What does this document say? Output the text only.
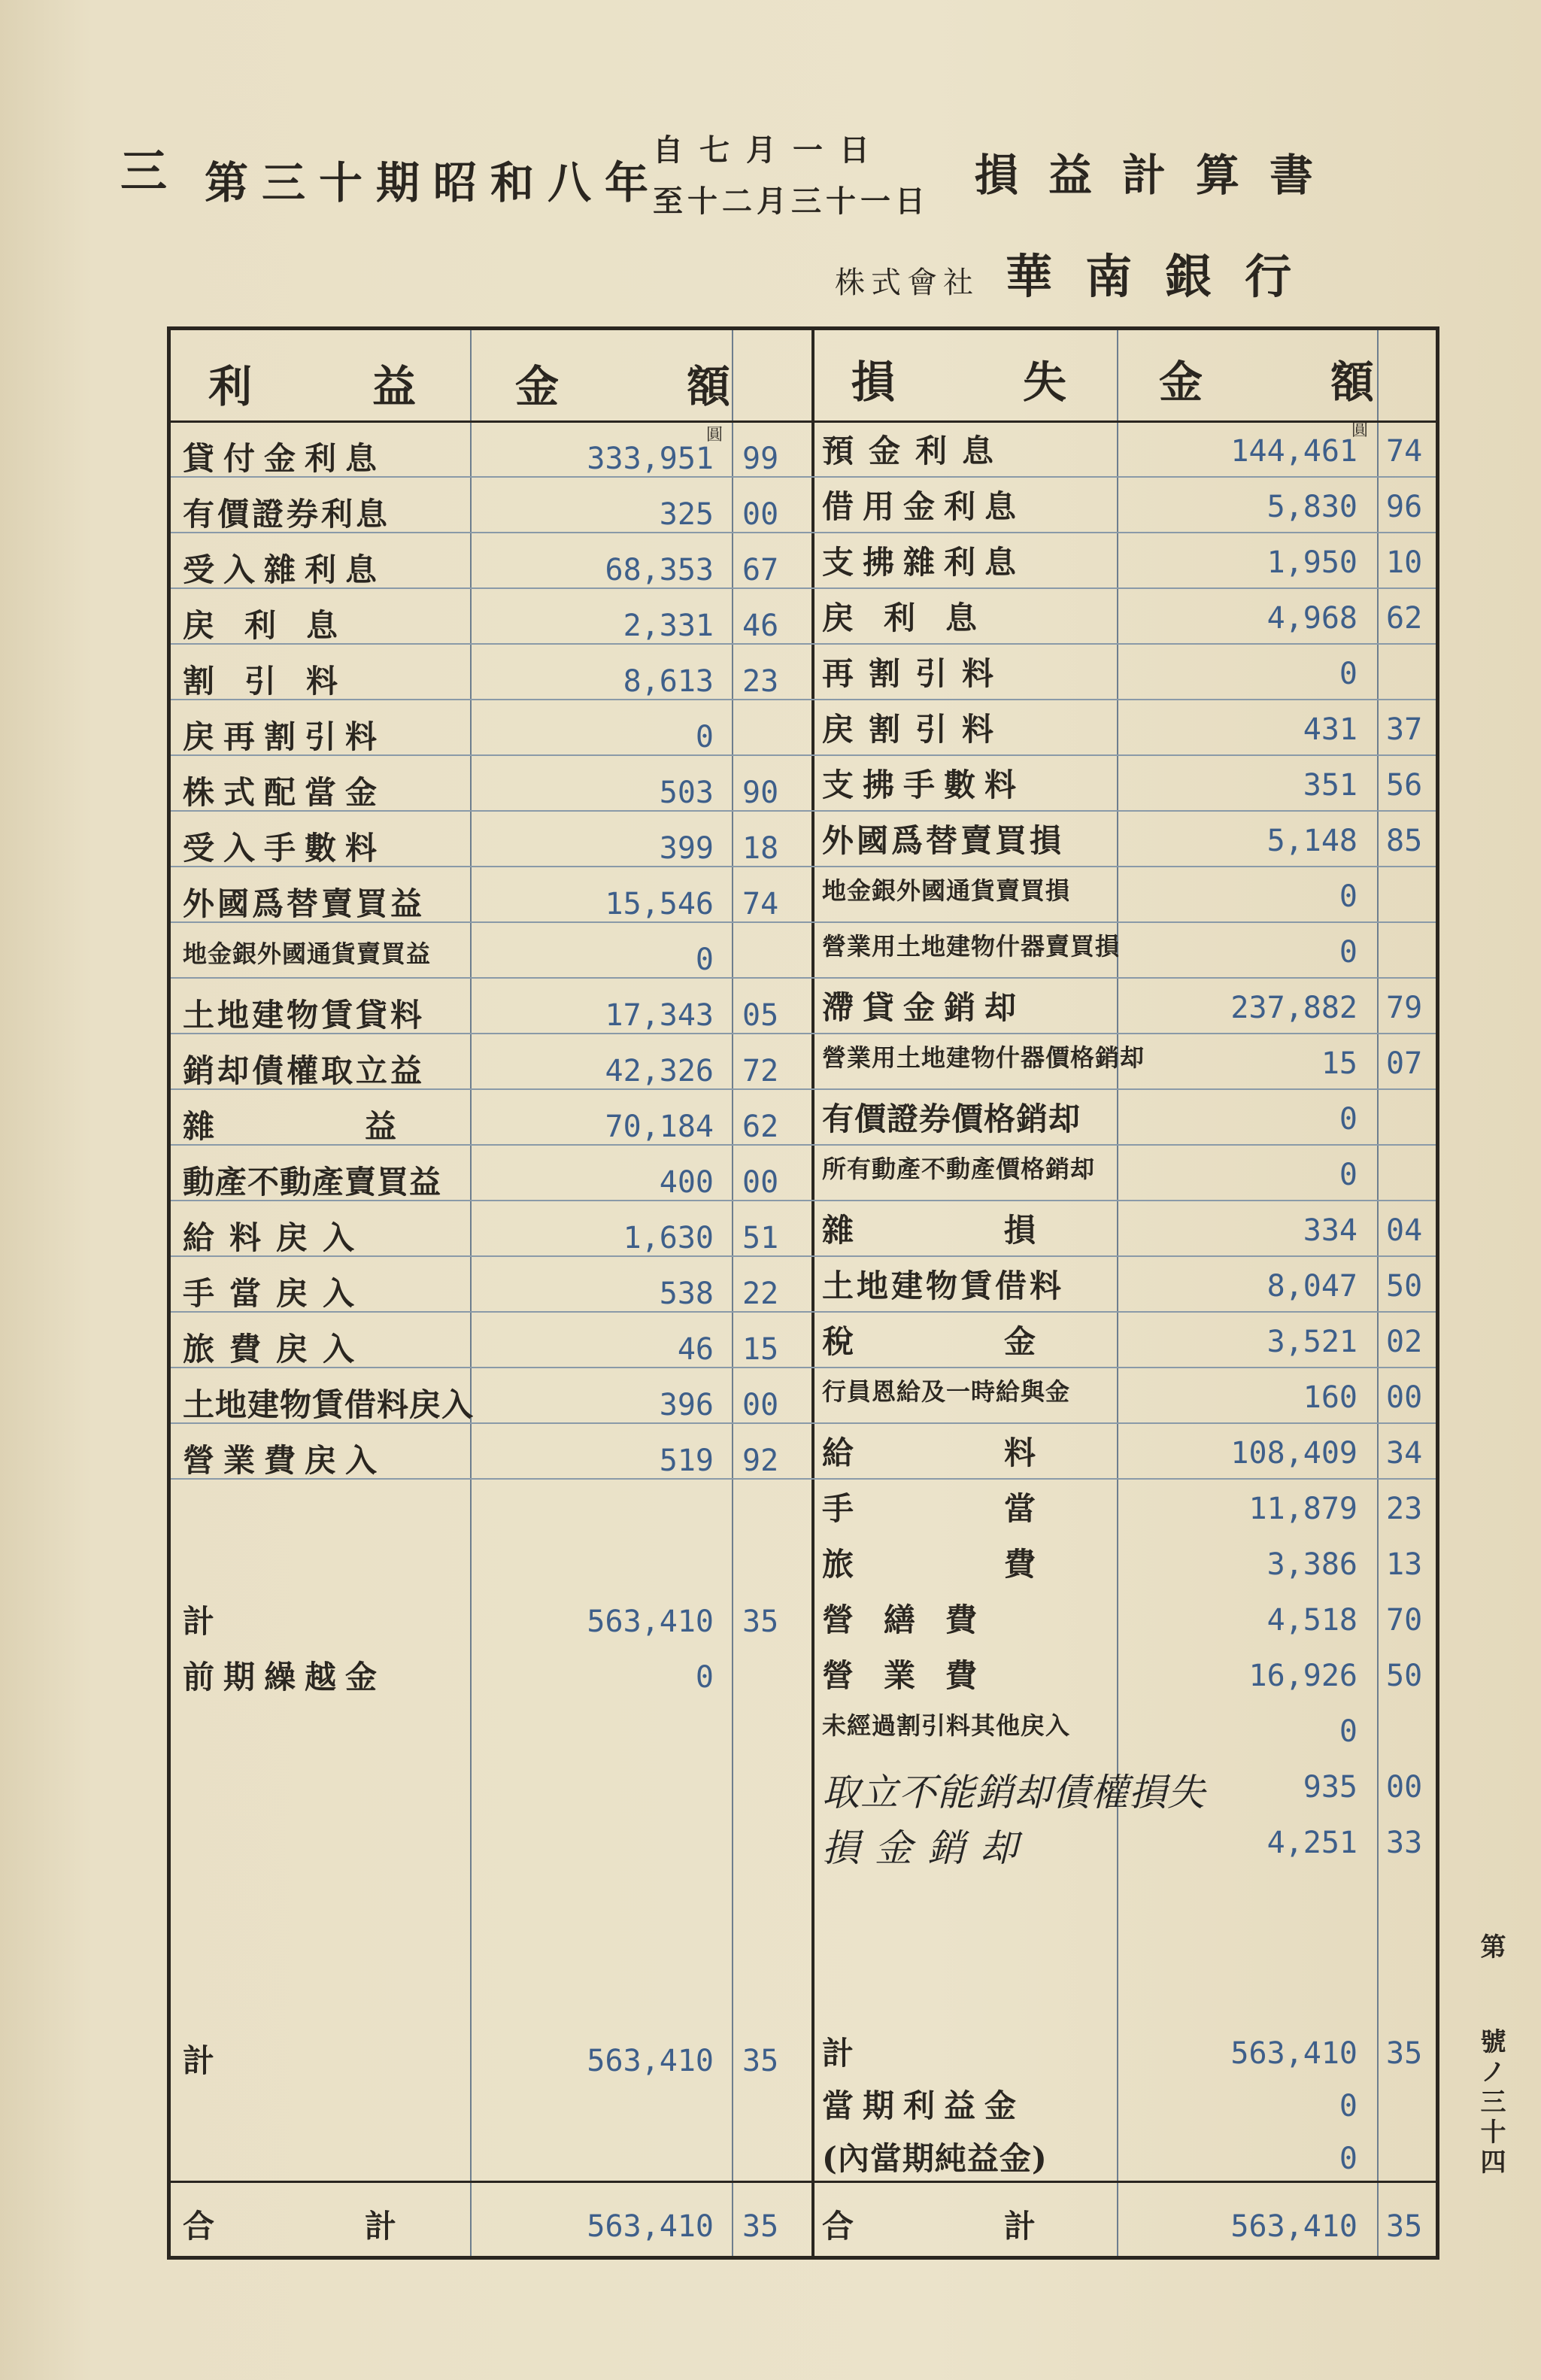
三 第三十期昭和八年
自七月一日
至十二月三十一日
損益計算書
株式會社 華南銀行
利益
金額
損失
金額
圓	圓
貸付金利息	333,951 99
有價證券利息	325 00
受入雜利息	68,353 67
戻利息	2,331 46
割引料	8,613 23
戻再割引料	0
株式配當金	503 90
受入手數料	399 18
外國爲替賣買益	15,546 74
地金銀外國通貨賣買益	0
土地建物賃貸料	17,343 05
銷却債權取立益	42,326 72
雜益	70,184 62
動產不動產賣買益	400 00
給料戻入	1,630 51
手當戻入	538 22
旅費戻入	46 15
土地建物賃借料戻入	396 00
營業費戻入	519 92
計	563,410 35
前期繰越金	0
計	563,410 35
合計	563,410 35
預金利息	144,461 74
借用金利息	5,830 96
支拂雜利息	1,950 10
戻利息	4,968 62
再割引料	0
戻割引料	431 37
支拂手數料	351 56
外國爲替賣買損	5,148 85
地金銀外國通貨賣買損	0
營業用土地建物什器賣買損	0
滯貸金銷却	237,882 79
營業用土地建物什器價格銷却	15 07
有價證券價格銷却	0
所有動產不動產價格銷却	0
雜損	334 04
土地建物賃借料	8,047 50
稅金	3,521 02
行員恩給及一時給與金	160 00
給料	108,409 34
手當	11,879 23
旅費	3,386 13
營繕費	4,518 70
營業費	16,926 50
未經過割引料其他戻入	0
取立不能銷却債權損失	935 00
損金銷却	4,251 33
計	563,410 35
當期利益金	0
(內當期純益金)	0
合計	563,410 35
第
號ノ三十四
